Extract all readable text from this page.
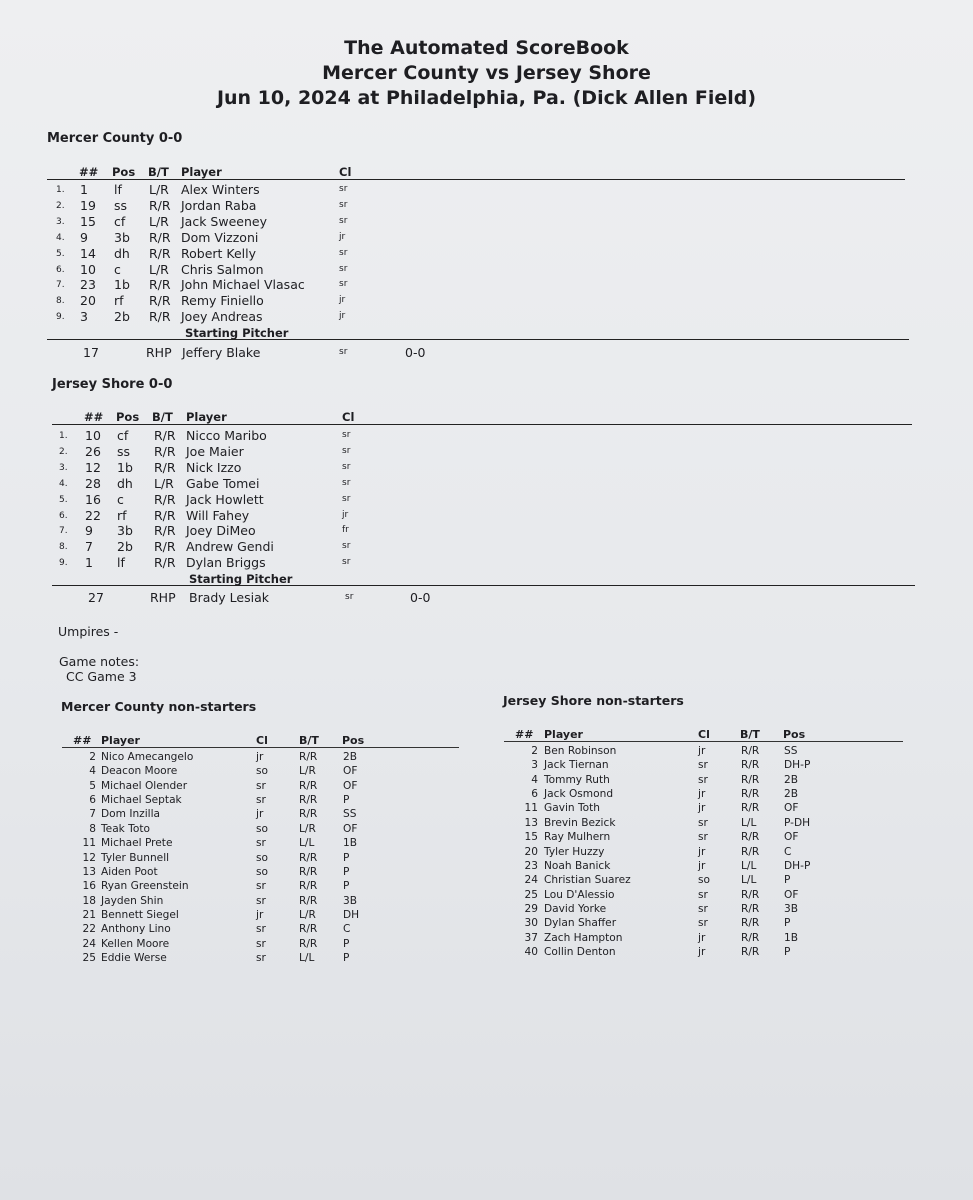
The Automated ScoreBook
Mercer County vs Jersey Shore
Jun 10, 2024 at Philadelphia, Pa. (Dick Allen Field)
Mercer County 0-0
## Pos B/T Player	Cl
1. 1 lf L/R Alex Winters	sr
2. 19 ss R/R Jordan Raba	sr
3. 15 cf L/R Jack Sweeney	sr
4. 9 3b R/R Dom Vizzoni	jr
5. 14 dh R/R Robert Kelly	sr
6. 10 c L/R Chris Salmon	sr
7. 23 1b R/R John Michael Vlasac	sr
8. 20 rf R/R Remy Finiello	jr
9. 3 2b R/R Joey Andreas	jr
Starting Pitcher
17	RHP Jeffery Blake	sr	0-0
Jersey Shore 0-0
## Pos B/T Player	Cl
1. 10 cf R/R Nicco Maribo	sr
2. 26 ss R/R Joe Maier	sr
3. 12 1b R/R Nick Izzo	sr
4. 28 dh L/R Gabe Tomei	sr
5. 16 c R/R Jack Howlett	sr
6. 22 rf R/R Will Fahey	jr
7. 9 3b R/R Joey DiMeo	fr
8. 7 2b R/R Andrew Gendi	sr
9. 1 lf R/R Dylan Briggs	sr
Starting Pitcher
27	RHP Brady Lesiak	sr	0-0
Umpires -
Game notes:
CC Game 3
Mercer County non-starters
## Player	Cl	B/T Pos
2 Nico Amecangelo	jr	R/R 2B
4 Deacon Moore	so	L/R	OF
5 Michael Olender	sr	R/R OF
6 Michael Septak	sr	R/R P
7 Dom Inzilla	jr	R/R SS
8 Teak Toto	so	L/R	OF
11 Michael Prete	sr	L/L	1B
12 Tyler Bunnell	so	R/R P
13 Aiden Poot	so	R/R P
16 Ryan Greenstein	sr	R/R P
18 Jayden Shin	sr	R/R 3B
21 Bennett Siegel	jr	L/R	DH
22 Anthony Lino	sr	R/R C
24 Kellen Moore	sr	R/R P
25 Eddie Werse	sr	L/L	P
Jersey Shore non-starters
## Player	Cl	B/T Pos
2 Ben Robinson	jr	R/R SS
3 Jack Tiernan	sr	R/R DH-P
4 Tommy Ruth	sr	R/R 2B
6 Jack Osmond	jr	R/R 2B
11 Gavin Toth	jr	R/R OF
13 Brevin Bezick	sr	L/L	P-DH
15 Ray Mulhern	sr	R/R OF
20 Tyler Huzzy	jr	R/R C
23 Noah Banick	jr	L/L	DH-P
24 Christian Suarez	so	L/L	P
25 Lou D'Alessio	sr	R/R OF
29 David Yorke	sr	R/R 3B
30 Dylan Shaffer	sr	R/R P
37 Zach Hampton	jr	R/R 1B
40 Collin Denton	jr	R/R P
